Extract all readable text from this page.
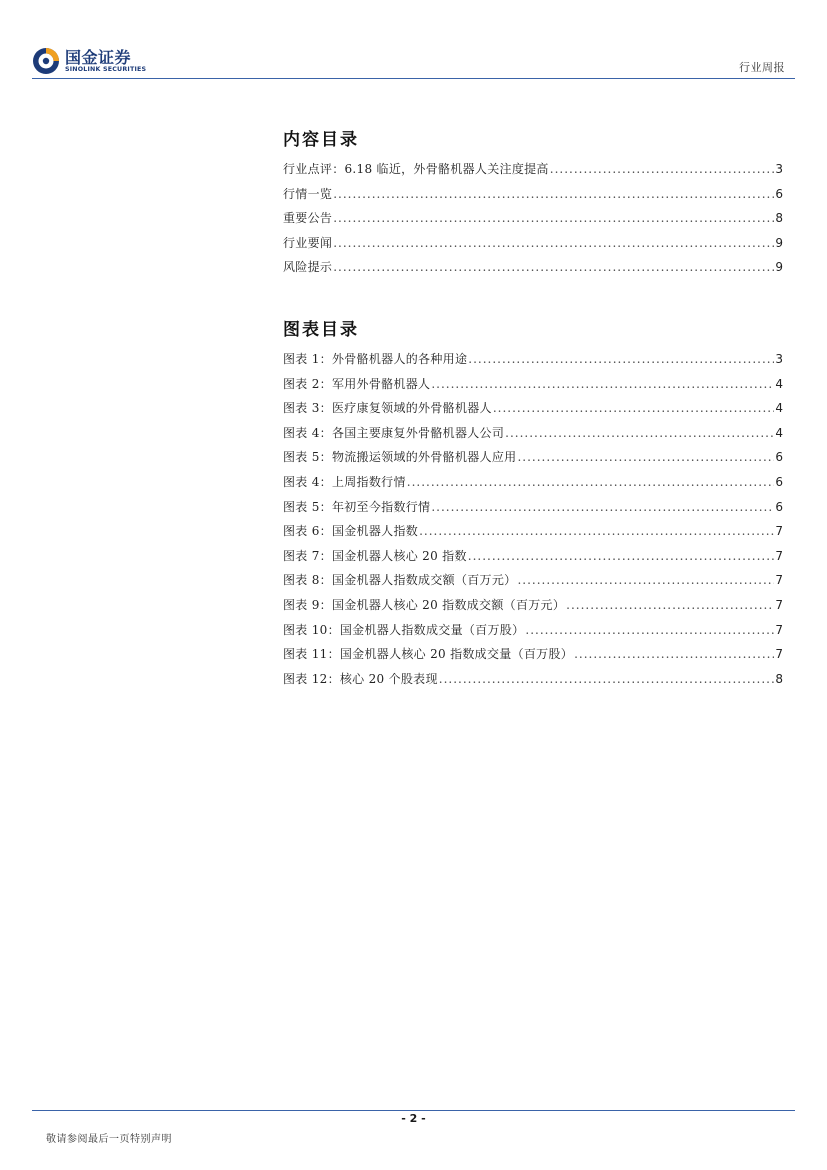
国金证券
SINOLINK SECURITIES	行业周报
内容目录
行业点评：6.18 临近，外骨骼机器人关注度提高 .....	3
行情一览 .....	6
重要公告 .....	8
行业要闻 .....	9
风险提示 .....	9
图表目录
图表 1：外骨骼机器人的各种用途 .....	3
图表 2：军用外骨骼机器人 .....	4
图表 3：医疗康复领域的外骨骼机器人 .....	4
图表 4：各国主要康复外骨骼机器人公司 .....	4
图表 5：物流搬运领域的外骨骼机器人应用 .....	6
图表 4：上周指数行情 .....	6
图表 5：年初至今指数行情 .....	6
图表 6：国金机器人指数 .....	7
图表 7：国金机器人核心 20 指数 .....	7
图表 8：国金机器人指数成交额（百万元） .....	7
图表 9：国金机器人核心 20 指数成交额（百万元） .....	7
图表 10：国金机器人指数成交量（百万股） .....	7
图表 11：国金机器人核心 20 指数成交量（百万股） .....	7
图表 12：核心 20 个股表现 .....	8
- 2 -
敬请参阅最后一页特别声明
